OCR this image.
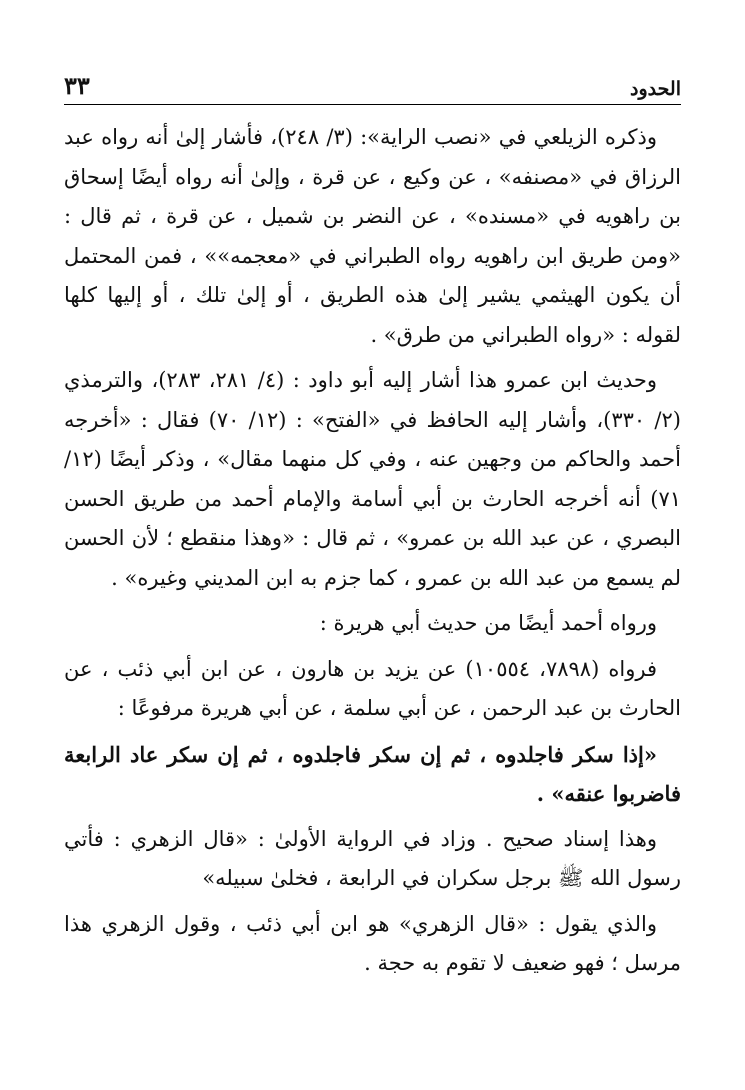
الحدود
٣٣

وذكره الزيلعي في «نصب الراية»: (٣/ ٢٤٨)، فأشار إلىٰ أنه رواه عبد الرزاق في «مصنفه» ، عن وكيع ، عن قرة ، وإلىٰ أنه رواه أيضًا إسحاق بن راهويه في «مسنده» ، عن النضر بن شميل ، عن قرة ، ثم قال : «ومن طريق ابن راهويه رواه الطبراني في «معجمه»» ، فمن المحتمل أن يكون الهيثمي يشير إلىٰ هذه الطريق ، أو إلىٰ تلك ، أو إليها كلها لقوله : «رواه الطبراني من طرق» .

وحديث ابن عمرو هذا أشار إليه أبو داود : (٤/ ٢٨١، ٢٨٣)، والترمذي (٢/ ٣٣٠)، وأشار إليه الحافظ في «الفتح» : (١٢/ ٧٠) فقال : «أخرجه أحمد والحاكم من وجهين عنه ، وفي كل منهما مقال» ، وذكر أيضًا (١٢/ ٧١) أنه أخرجه الحارث بن أبي أسامة والإمام أحمد من طريق الحسن البصري ، عن عبد الله بن عمرو» ، ثم قال : «وهذا منقطع ؛ لأن الحسن لم يسمع من عبد الله بن عمرو ، كما جزم به ابن المديني وغيره» .

ورواه أحمد أيضًا من حديث أبي هريرة :

فرواه (٧٨٩٨، ١٠٥٥٤) عن يزيد بن هارون ، عن ابن أبي ذئب ، عن الحارث بن عبد الرحمن ، عن أبي سلمة ، عن أبي هريرة مرفوعًا :

«إذا سكر فاجلدوه ، ثم إن سكر فاجلدوه ، ثم إن سكر عاد الرابعة فاضربوا عنقه» .

وهذا إسناد صحيح . وزاد في الرواية الأولىٰ : «قال الزهري : فأتي رسول الله ﷺ برجل سكران في الرابعة ، فخلىٰ سبيله»

والذي يقول : «قال الزهري» هو ابن أبي ذئب ، وقول الزهري هذا مرسل ؛ فهو ضعيف لا تقوم به حجة .
